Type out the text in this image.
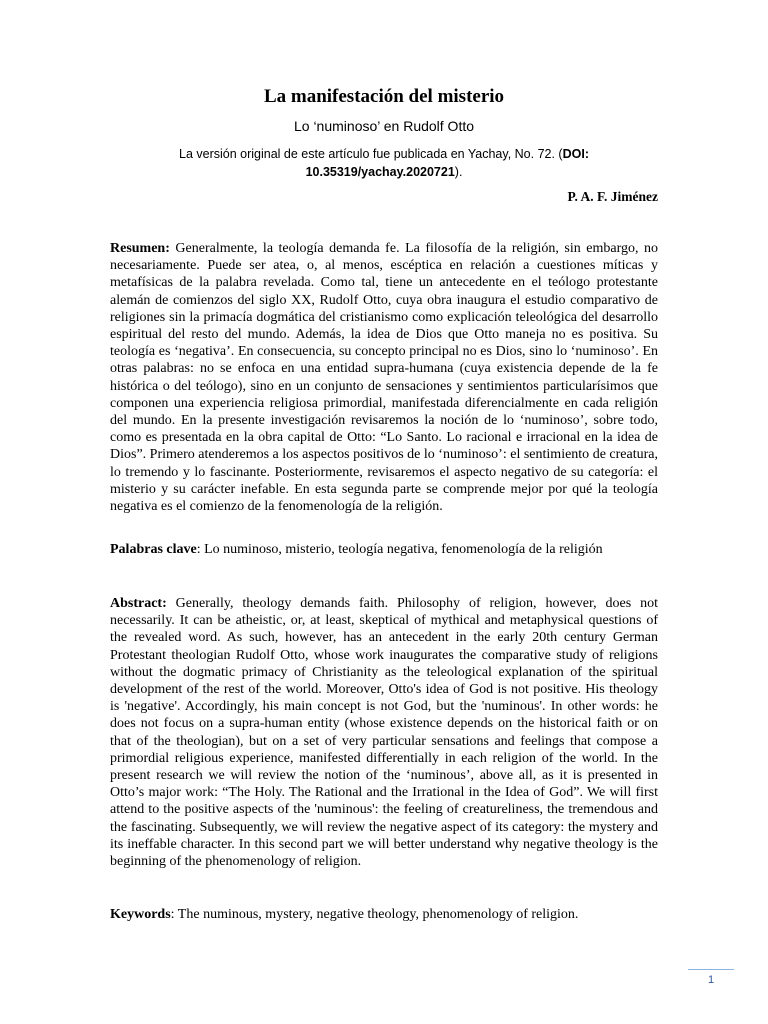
La manifestación del misterio
Lo ‘numinoso’ en Rudolf Otto
La versión original de este artículo fue publicada en Yachay, No. 72. (DOI: 10.35319/yachay.2020721).
P. A. F. Jiménez
Resumen: Generalmente, la teología demanda fe. La filosofía de la religión, sin embargo, no necesariamente. Puede ser atea, o, al menos, escéptica en relación a cuestiones míticas y metafísicas de la palabra revelada. Como tal, tiene un antecedente en el teólogo protestante alemán de comienzos del siglo XX, Rudolf Otto, cuya obra inaugura el estudio comparativo de religiones sin la primacía dogmática del cristianismo como explicación teleológica del desarrollo espiritual del resto del mundo. Además, la idea de Dios que Otto maneja no es positiva. Su teología es ‘negativa’. En consecuencia, su concepto principal no es Dios, sino lo ‘numinoso’. En otras palabras: no se enfoca en una entidad supra-humana (cuya existencia depende de la fe histórica o del teólogo), sino en un conjunto de sensaciones y sentimientos particularísimos que componen una experiencia religiosa primordial, manifestada diferencialmente en cada religión del mundo. En la presente investigación revisaremos la noción de lo ‘numinoso’, sobre todo, como es presentada en la obra capital de Otto: “Lo Santo. Lo racional e irracional en la idea de Dios”. Primero atenderemos a los aspectos positivos de lo ‘numinoso’: el sentimiento de creatura, lo tremendo y lo fascinante. Posteriormente, revisaremos el aspecto negativo de su categoría: el misterio y su carácter inefable. En esta segunda parte se comprende mejor por qué la teología negativa es el comienzo de la fenomenología de la religión.
Palabras clave: Lo numinoso, misterio, teología negativa, fenomenología de la religión
Abstract: Generally, theology demands faith. Philosophy of religion, however, does not necessarily. It can be atheistic, or, at least, skeptical of mythical and metaphysical questions of the revealed word. As such, however, has an antecedent in the early 20th century German Protestant theologian Rudolf Otto, whose work inaugurates the comparative study of religions without the dogmatic primacy of Christianity as the teleological explanation of the spiritual development of the rest of the world. Moreover, Otto's idea of God is not positive. His theology is 'negative'. Accordingly, his main concept is not God, but the 'numinous'. In other words: he does not focus on a supra-human entity (whose existence depends on the historical faith or on that of the theologian), but on a set of very particular sensations and feelings that compose a primordial religious experience, manifested differentially in each religion of the world. In the present research we will review the notion of the ‘numinous’, above all, as it is presented in Otto’s major work: “The Holy. The Rational and the Irrational in the Idea of God”. We will first attend to the positive aspects of the 'numinous': the feeling of creatureliness, the tremendous and the fascinating. Subsequently, we will review the negative aspect of its category: the mystery and its ineffable character. In this second part we will better understand why negative theology is the beginning of the phenomenology of religion.
Keywords: The numinous, mystery, negative theology, phenomenology of religion.
1
